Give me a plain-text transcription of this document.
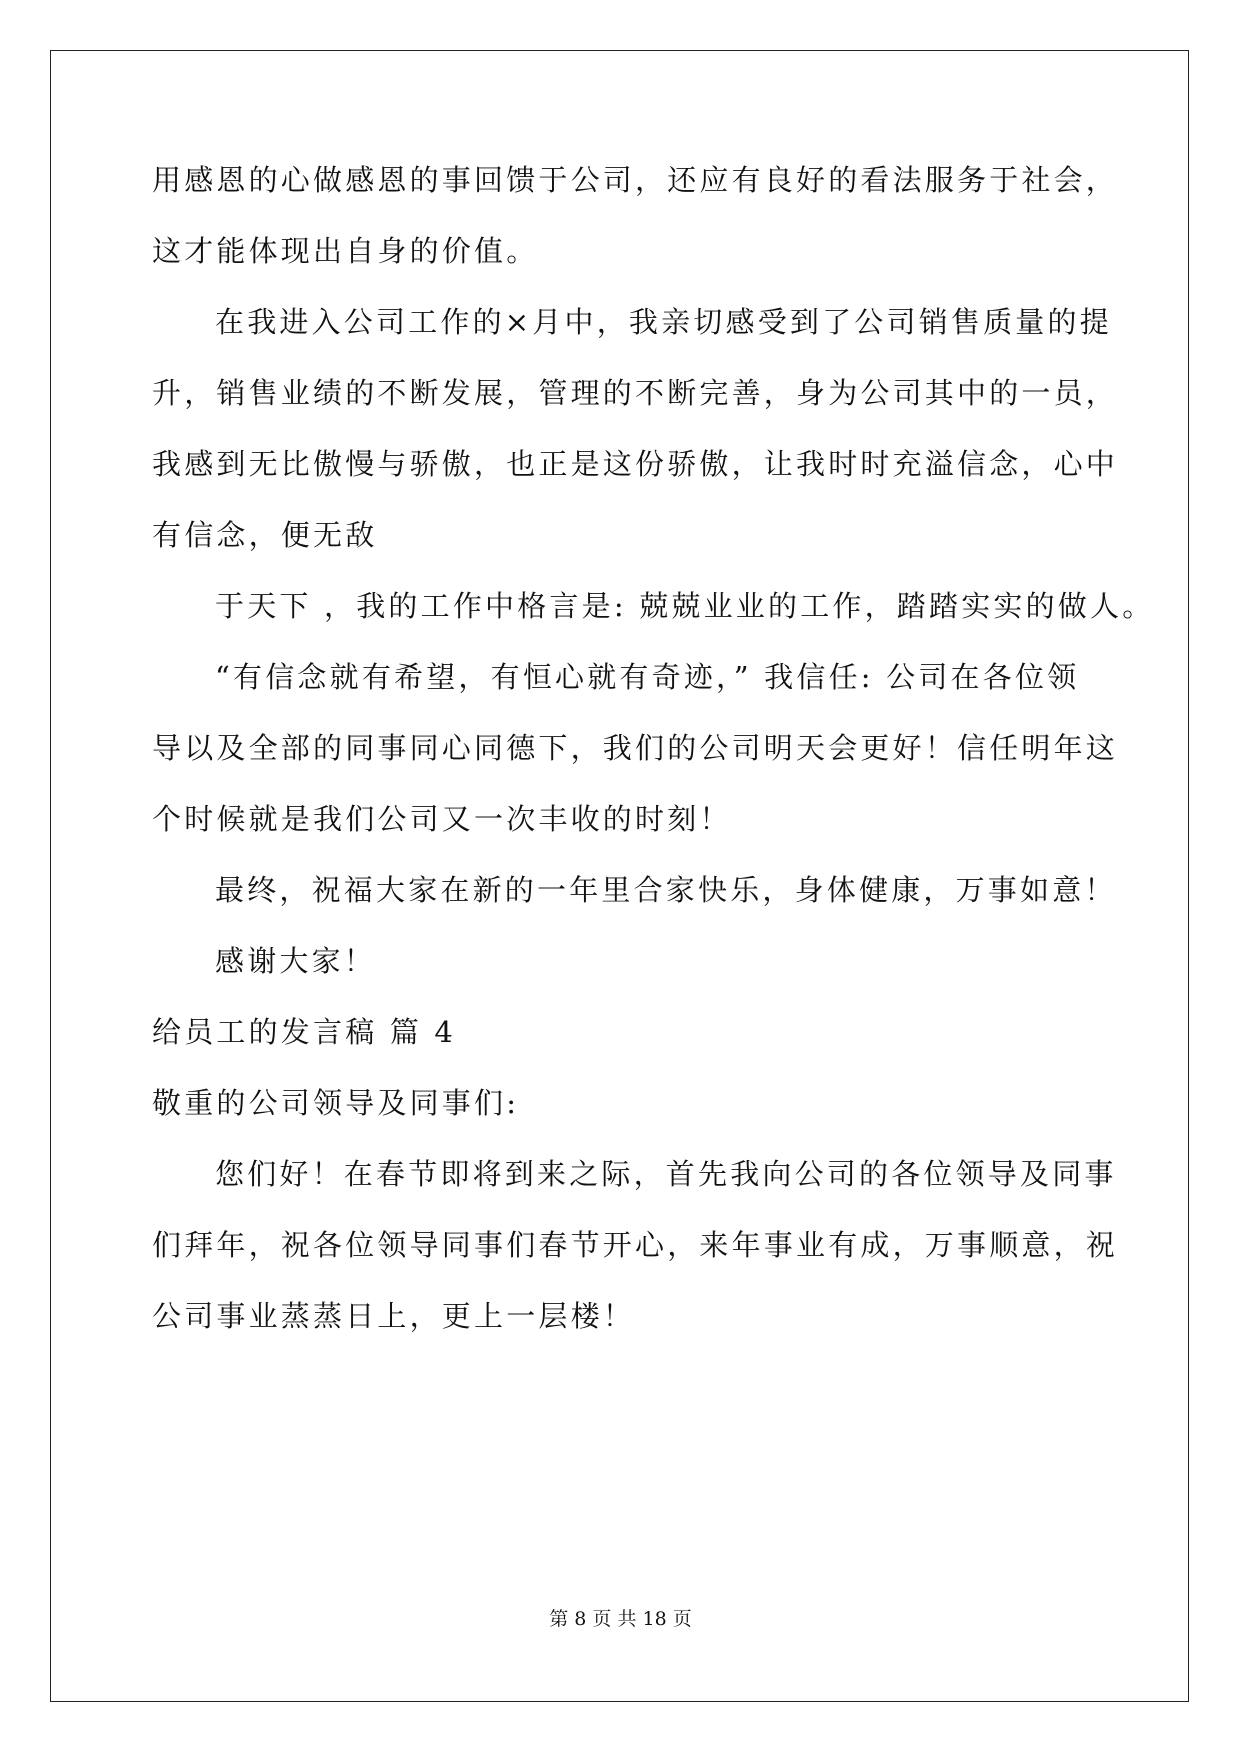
用感恩的心做感恩的事回馈于公司，还应有良好的看法服务于社会，
这才能体现出自身的价值。
在我进入公司工作的×月中，我亲切感受到了公司销售质量的提
升，销售业绩的不断发展，管理的不断完善，身为公司其中的一员，
我感到无比傲慢与骄傲，也正是这份骄傲，让我时时充溢信念，心中
有信念，便无敌
于天下 ，我的工作中格言是: 兢兢业业的工作，踏踏实实的做人。
“有信念就有希望，有恒心就有奇迹，” 我信任: 公司在各位领
导以及全部的同事同心同德下，我们的公司明天会更好！信任明年这
个时候就是我们公司又一次丰收的时刻！
最终，祝福大家在新的一年里合家快乐，身体健康，万事如意！
感谢大家！
给员工的发言稿 篇 4
敬重的公司领导及同事们:
您们好！在春节即将到来之际，首先我向公司的各位领导及同事
们拜年，祝各位领导同事们春节开心，来年事业有成，万事顺意，祝
公司事业蒸蒸日上，更上一层楼！
第 8 页 共 18 页
